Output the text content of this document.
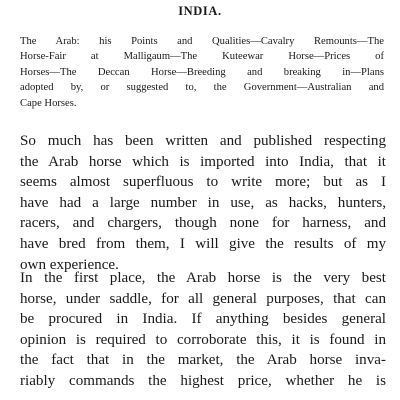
INDIA.
The Arab: his Points and Qualities—Cavalry Remounts—The
Horse-Fair at Malligaum—The Kuteewar Horse—Prices of
Horses—The Deccan Horse—Breeding and breaking in—Plans
adopted by, or suggested to, the Government—Australian and
Cape Horses.
So much has been written and published respecting
the Arab horse which is imported into India, that it
seems almost superfluous to write more; but as I
have had a large number in use, as hacks, hunters,
racers, and chargers, though none for harness, and
have bred from them, I will give the results of my
own experience.
In the first place, the Arab horse is the very best
horse, under saddle, for all general purposes, that can
be procured in India. If anything besides general
opinion is required to corroborate this, it is found in
the fact that in the market, the Arab horse inva-
riably commands the highest price, whether he is
